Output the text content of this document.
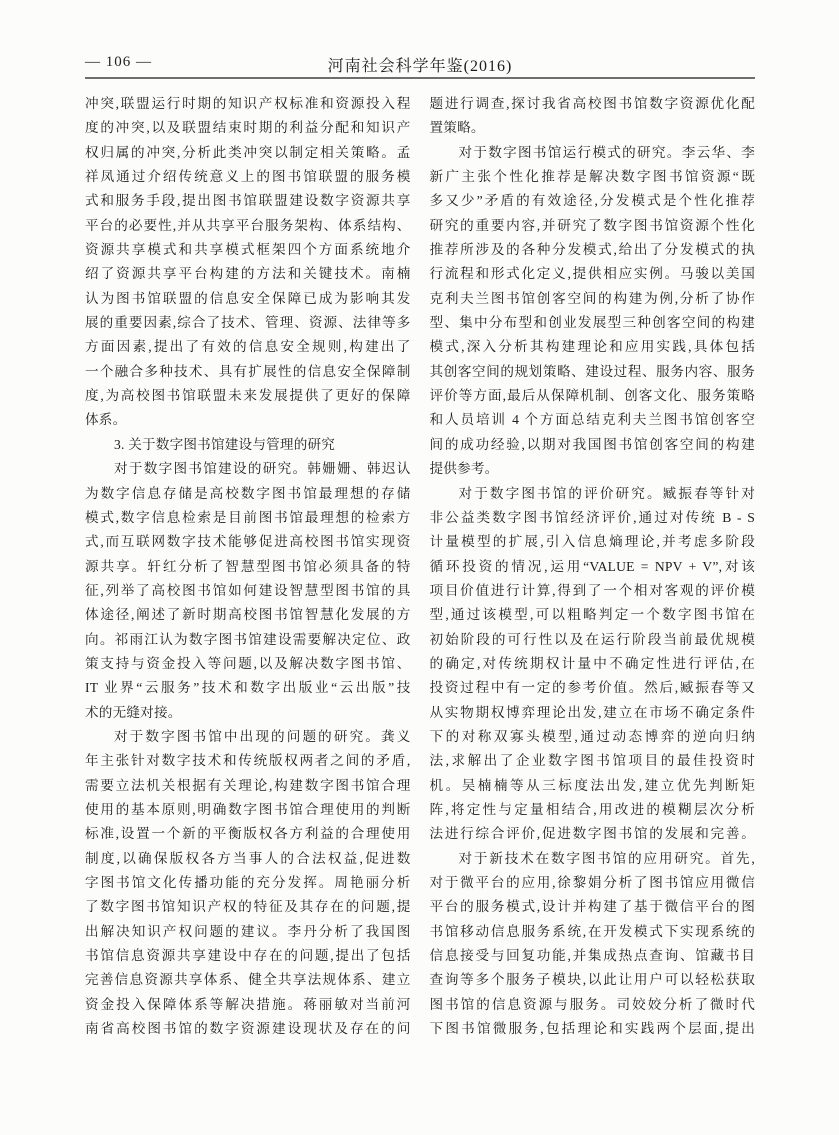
— 106 —	河南社会科学年鉴(2016)
冲突,联盟运行时期的知识产权标准和资源投入程
度的冲突,以及联盟结束时期的利益分配和知识产
权归属的冲突,分析此类冲突以制定相关策略。孟
祥凤通过介绍传统意义上的图书馆联盟的服务模
式和服务手段,提出图书馆联盟建设数字资源共享
平台的必要性,并从共享平台服务架构、体系结构、
资源共享模式和共享模式框架四个方面系统地介
绍了资源共享平台构建的方法和关键技术。南楠
认为图书馆联盟的信息安全保障已成为影响其发
展的重要因素,综合了技术、管理、资源、法律等多
方面因素,提出了有效的信息安全规则,构建出了
一个融合多种技术、具有扩展性的信息安全保障制
度,为高校图书馆联盟未来发展提供了更好的保障
体系。
3. 关于数字图书馆建设与管理的研究
对于数字图书馆建设的研究。韩姗姗、韩迟认
为数字信息存储是高校数字图书馆最理想的存储
模式,数字信息检索是目前图书馆最理想的检索方
式,而互联网数字技术能够促进高校图书馆实现资
源共享。轩红分析了智慧型图书馆必须具备的特
征,列举了高校图书馆如何建设智慧型图书馆的具
体途径,阐述了新时期高校图书馆智慧化发展的方
向。祁雨江认为数字图书馆建设需要解决定位、政
策支持与资金投入等问题,以及解决数字图书馆、
IT 业界“云服务”技术和数字出版业“云出版”技
术的无缝对接。
对于数字图书馆中出现的问题的研究。龚义
年主张针对数字技术和传统版权两者之间的矛盾,
需要立法机关根据有关理论,构建数字图书馆合理
使用的基本原则,明确数字图书馆合理使用的判断
标准,设置一个新的平衡版权各方利益的合理使用
制度,以确保版权各方当事人的合法权益,促进数
字图书馆文化传播功能的充分发挥。周艳丽分析
了数字图书馆知识产权的特征及其存在的问题,提
出解决知识产权问题的建议。李丹分析了我国图
书馆信息资源共享建设中存在的问题,提出了包括
完善信息资源共享体系、健全共享法规体系、建立
资金投入保障体系等解决措施。蒋丽敏对当前河
南省高校图书馆的数字资源建设现状及存在的问
题进行调查,探讨我省高校图书馆数字资源优化配
置策略。
对于数字图书馆运行模式的研究。李云华、李
新广主张个性化推荐是解决数字图书馆资源“既
多又少”矛盾的有效途径,分发模式是个性化推荐
研究的重要内容,并研究了数字图书馆资源个性化
推荐所涉及的各种分发模式,给出了分发模式的执
行流程和形式化定义,提供相应实例。马骏以美国
克利夫兰图书馆创客空间的构建为例,分析了协作
型、集中分布型和创业发展型三种创客空间的构建
模式,深入分析其构建理论和应用实践,具体包括
其创客空间的规划策略、建设过程、服务内容、服务
评价等方面,最后从保障机制、创客文化、服务策略
和人员培训 4 个方面总结克利夫兰图书馆创客空
间的成功经验,以期对我国图书馆创客空间的构建
提供参考。
对于数字图书馆的评价研究。臧振春等针对
非公益类数字图书馆经济评价,通过对传统 B - S
计量模型的扩展,引入信息熵理论,并考虑多阶段
循环投资的情况,运用“VALUE = NPV + V”,对该
项目价值进行计算,得到了一个相对客观的评价模
型,通过该模型,可以粗略判定一个数字图书馆在
初始阶段的可行性以及在运行阶段当前最优规模
的确定,对传统期权计量中不确定性进行评估,在
投资过程中有一定的参考价值。然后,臧振春等又
从实物期权博弈理论出发,建立在市场不确定条件
下的对称双寡头模型,通过动态博弈的逆向归纳
法,求解出了企业数字图书馆项目的最佳投资时
机。吴楠楠等从三标度法出发,建立优先判断矩
阵,将定性与定量相结合,用改进的模糊层次分析
法进行综合评价,促进数字图书馆的发展和完善。
对于新技术在数字图书馆的应用研究。首先,
对于微平台的应用,徐黎娟分析了图书馆应用微信
平台的服务模式,设计并构建了基于微信平台的图
书馆移动信息服务系统,在开发模式下实现系统的
信息接受与回复功能,并集成热点查询、馆藏书目
查询等多个服务子模块,以此让用户可以轻松获取
图书馆的信息资源与服务。司姣姣分析了微时代
下图书馆微服务,包括理论和实践两个层面,提出
